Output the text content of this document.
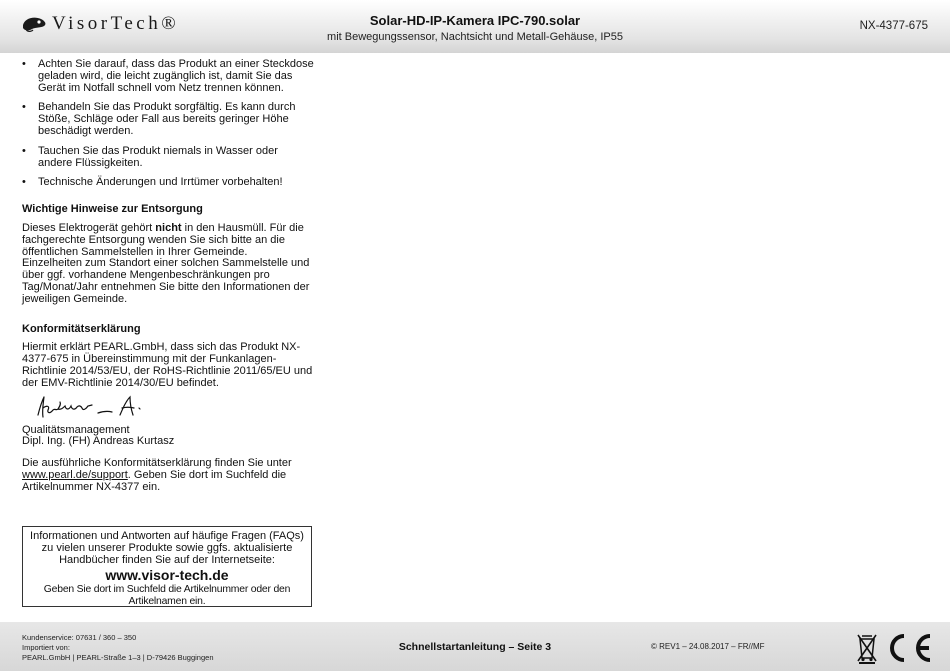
VisorTech®	Solar-HD-IP-Kamera IPC-790.solar
mit Bewegungssensor, Nachtsicht und Metall-Gehäuse, IP55
NX-4377-675
• Achten Sie darauf, dass das Produkt an einer Steckdose geladen wird, die leicht zugänglich ist, damit Sie das Gerät im Notfall schnell vom Netz trennen können.
• Behandeln Sie das Produkt sorgfältig. Es kann durch Stöße, Schläge oder Fall aus bereits geringer Höhe beschädigt werden.
• Tauchen Sie das Produkt niemals in Wasser oder andere Flüssigkeiten.
• Technische Änderungen und Irrtümer vorbehalten!
Wichtige Hinweise zur Entsorgung

Dieses Elektrogerät gehört nicht in den Hausmüll. Für die fachgerechte Entsorgung wenden Sie sich bitte an die öffentlichen Sammelstellen in Ihrer Gemeinde.

Einzelheiten zum Standort einer solchen Sammelstelle und über ggf. vorhandene Mengenbeschränkungen pro Tag/Monat/Jahr entnehmen Sie bitte den Informationen der jeweiligen Gemeinde.

Konformitätserklärung

Hiermit erklärt PEARL.GmbH, dass sich das Produkt NX-4377-675 in Übereinstimmung mit der Funkanlagen-Richtlinie 2014/53/EU, der RoHS-Richtlinie 2011/65/EU und der EMV-Richtlinie 2014/30/EU befindet.

Qualitätsmanagement

Dipl. Ing. (FH) Andreas Kurtasz

Die ausführliche Konformitätserklärung finden Sie unter www.pearl.de/support. Geben Sie dort im Suchfeld die Artikelnummer NX-4377 ein.

Informationen und Antworten auf häufige Fragen (FAQs) zu vielen unserer Produkte sowie ggfs. aktualisierte Handbücher finden Sie auf der Internetseite:
www.visor-tech.de
Geben Sie dort im Suchfeld die Artikelnummer oder den Artikelnamen ein.
Kundenservice: 07631 / 360 – 350
Importiert von:
PEARL.GmbH | PEARL-Straße 1–3 | D-79426 Buggingen
Schnellstartanleitung – Seite 3	© REV1 – 24.08.2017 – FR//MF
